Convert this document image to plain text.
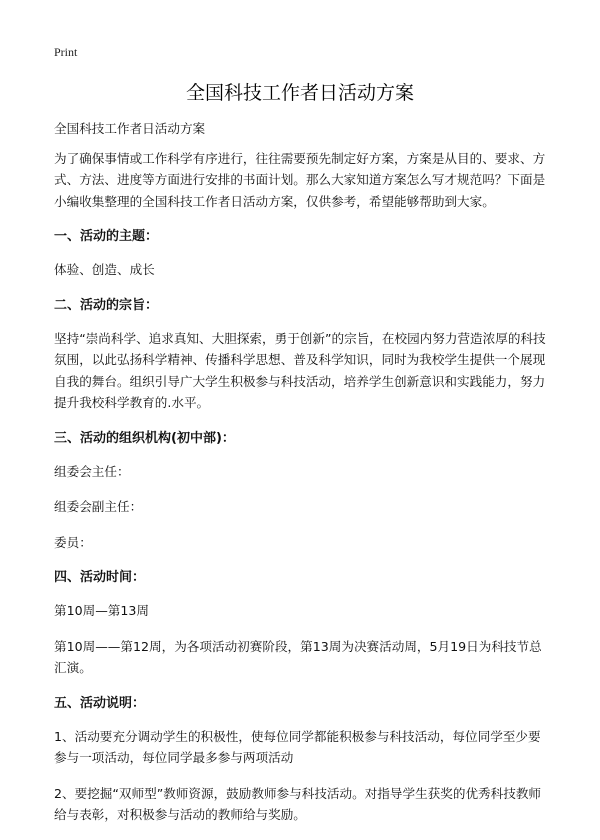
Print
全国科技工作者日活动方案

全国科技工作者日活动方案

为了确保事情或工作科学有序进行，往往需要预先制定好方案，方案是从目的、要求、方式、方法、进度等方面进行安排的书面计划。那么大家知道方案怎么写才规范吗？下面是小编收集整理的全国科技工作者日活动方案，仅供参考，希望能够帮助到大家。

一、活动的主题：

体验、创造、成长

二、活动的宗旨：

坚持“崇尚科学、追求真知、大胆探索，勇于创新”的宗旨，在校园内努力营造浓厚的科技氛围，以此弘扬科学精神、传播科学思想、普及科学知识，同时为我校学生提供一个展现自我的舞台。组织引导广大学生积极参与科技活动，培养学生创新意识和实践能力，努力提升我校科学教育的.水平。

三、活动的组织机构(初中部)：

组委会主任：

组委会副主任：

委员：

四、活动时间：

第10周—第13周

第10周——第12周，为各项活动初赛阶段，第13周为决赛活动周，5月19日为科技节总汇演。

五、活动说明：

1、活动要充分调动学生的积极性，使每位同学都能积极参与科技活动，每位同学至少要参与一项活动，每位同学最多参与两项活动

2、要挖掘“双师型”教师资源，鼓励教师参与科技活动。对指导学生获奖的优秀科技教师给与表彰，对积极参与活动的教师给与奖励。
